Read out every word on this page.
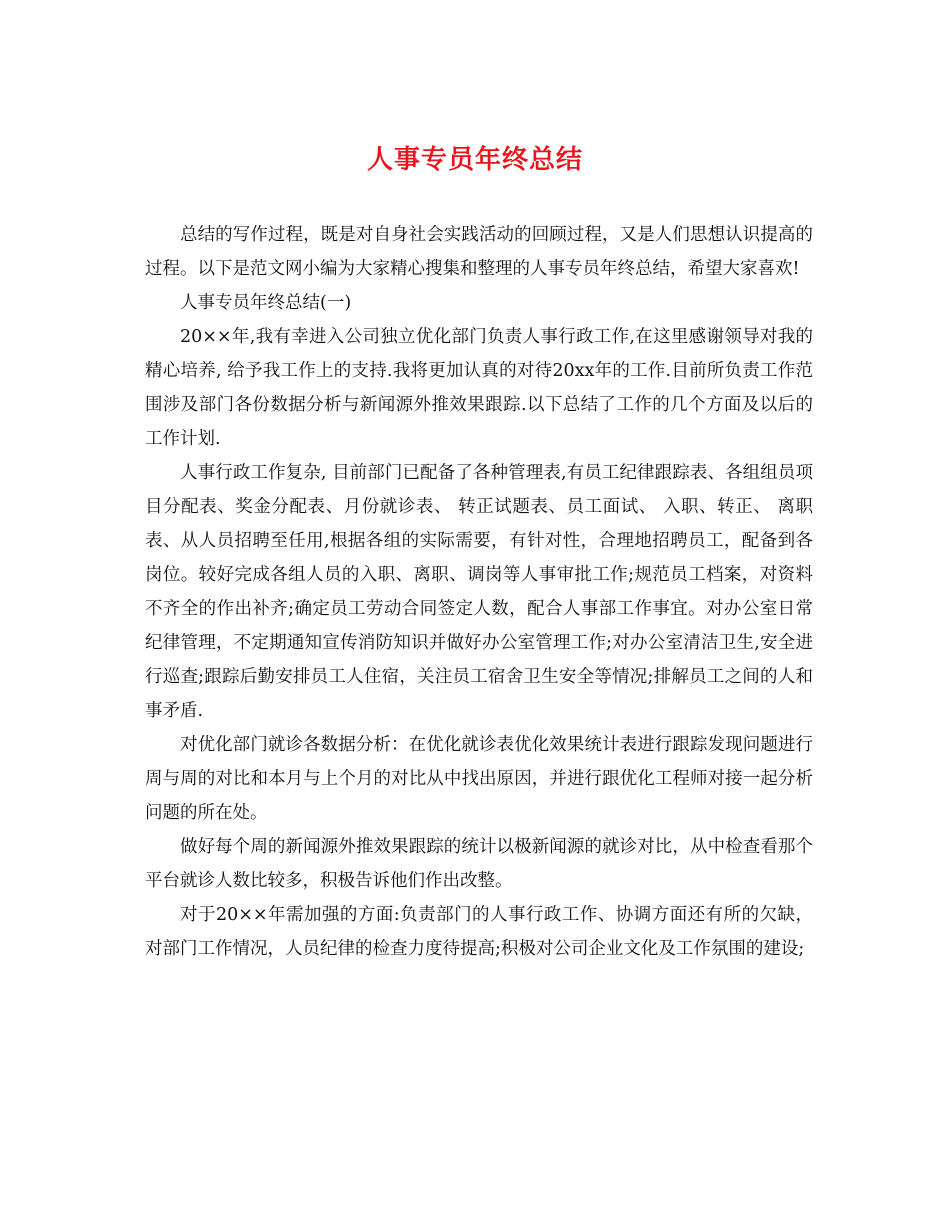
人事专员年终总结

总结的写作过程，既是对自身社会实践活动的回顾过程，又是人们思想认识提高的过程。以下是范文网小编为大家精心搜集和整理的人事专员年终总结，希望大家喜欢!

人事专员年终总结(一)

20××年,我有幸进入公司独立优化部门负责人事行政工作,在这里感谢领导对我的精心培养, 给予我工作上的支持.我将更加认真的对待20xx年的工作.目前所负责工作范围涉及部门各份数据分析与新闻源外推效果跟踪.以下总结了工作的几个方面及以后的工作计划.

人事行政工作复杂, 目前部门已配备了各种管理表,有员工纪律跟踪表、各组组员项目分配表、奖金分配表、月份就诊表、 转正试题表、员工面试、 入职、转正、 离职表、从人员招聘至任用,根据各组的实际需要，有针对性，合理地招聘员工，配备到各岗位。较好完成各组人员的入职、离职、调岗等人事审批工作;规范员工档案，对资料不齐全的作出补齐;确定员工劳动合同签定人数，配合人事部工作事宜。对办公室日常纪律管理，不定期通知宣传消防知识并做好办公室管理工作;对办公室清洁卫生,安全进行巡查;跟踪后勤安排员工人住宿，关注员工宿舍卫生安全等情况;排解员工之间的人和事矛盾.

对优化部门就诊各数据分析：在优化就诊表优化效果统计表进行跟踪发现问题进行周与周的对比和本月与上个月的对比从中找出原因，并进行跟优化工程师对接一起分析问题的所在处。

做好每个周的新闻源外推效果跟踪的统计以极新闻源的就诊对比，从中检查看那个平台就诊人数比较多，积极告诉他们作出改整。

对于20××年需加强的方面:负责部门的人事行政工作、协调方面还有所的欠缺，对部门工作情况，人员纪律的检查力度待提高;积极对公司企业文化及工作氛围的建设;
